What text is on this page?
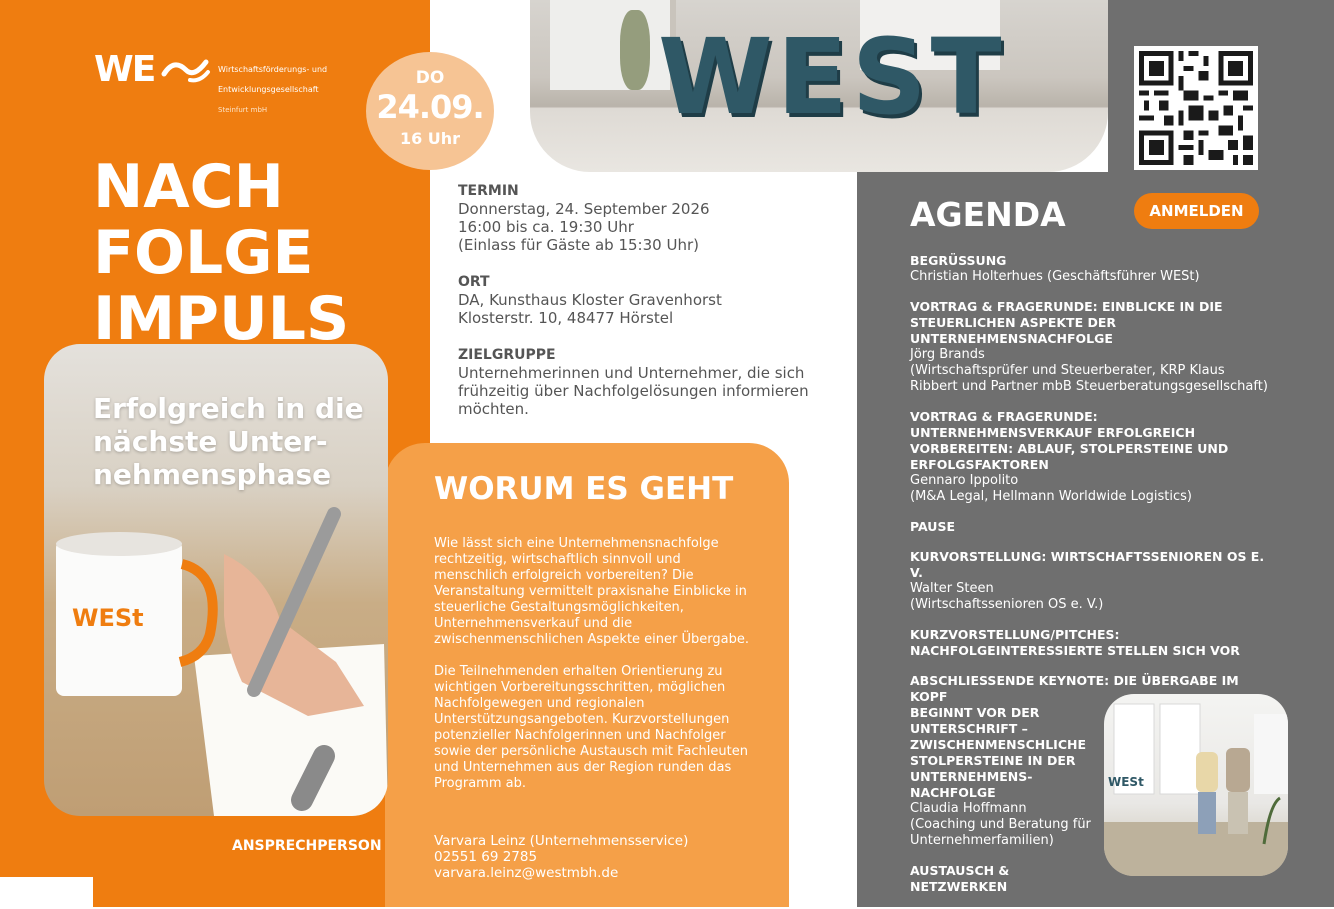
WE	Wirtschaftsförderungs- und

Entwicklungsgesellschaft

Steinfurt mbH

DO
24.09.
16 Uhr
WEST
WESt
NACH
FOLGE
IMPULS
Erfolgreich in die
nächste Unter-
nehmensphase
TERMIN
Donnerstag, 24. September 2026
16:00 bis ca. 19:30 Uhr
(Einlass für Gäste ab 15:30 Uhr)
ORT
DA, Kunsthaus Kloster Gravenhorst
Klosterstr. 10, 48477 Hörstel
ZIELGRUPPE
Unternehmerinnen und Unternehmer, die sich
frühzeitig über Nachfolgelösungen informieren
möchten.
WORUM ES GEHT

Wie lässt sich eine Unternehmensnachfolge rechtzeitig, wirtschaftlich sinnvoll und menschlich erfolgreich vorbereiten? Die Veranstaltung vermittelt praxisnahe Einblicke in steuerliche Gestaltungsmöglichkeiten, Unternehmensverkauf und die zwischenmenschlichen Aspekte einer Übergabe.

Die Teilnehmenden erhalten Orientierung zu wichtigen Vorbereitungsschritten, möglichen Nachfolgewegen und regionalen Unterstützungsangeboten. Kurzvorstellungen potenzieller Nachfolgerinnen und Nachfolger sowie der persönliche Austausch mit Fachleuten und Unternehmen aus der Region runden das Programm ab.

ANSPRECHPERSON	Varvara Leinz (Unternehmensservice)
02551 69 2785
varvara.leinz@westmbh.de
AGENDA	ANMELDEN
BEGRÜSSUNG
Christian Holterhues (Geschäftsführer WESt)
VORTRAG & FRAGERUNDE: EINBLICKE IN DIE
STEUERLICHEN ASPEKTE DER
UNTERNEHMENSNACHFOLGE
Jörg Brands
(Wirtschaftsprüfer und Steuerberater, KRP Klaus
Ribbert und Partner mbB Steuerberatungsgesellschaft)
VORTRAG & FRAGERUNDE:
UNTERNEHMENSVERKAUF ERFOLGREICH
VORBEREITEN: ABLAUF, STOLPERSTEINE UND
ERFOLGSFAKTOREN
Gennaro Ippolito
(M&A Legal, Hellmann Worldwide Logistics)
PAUSE
KURVORSTELLUNG: WIRTSCHAFTSSENIOREN OS E. V.
Walter Steen
(Wirtschaftssenioren OS e. V.)
KURZVORSTELLUNG/PITCHES:
NACHFOLGEINTERESSIERTE STELLEN SICH VOR
ABSCHLIESSENDE KEYNOTE: DIE ÜBERGABE IM KOPF
BEGINNT VOR DER
UNTERSCHRIFT –
ZWISCHENMENSCHLICHE
STOLPERSTEINE IN DER
UNTERNEHMENS-
NACHFOLGE
Claudia Hoffmann
(Coaching und Beratung für
Unternehmerfamilien)
AUSTAUSCH &
NETZWERKEN
WESt
